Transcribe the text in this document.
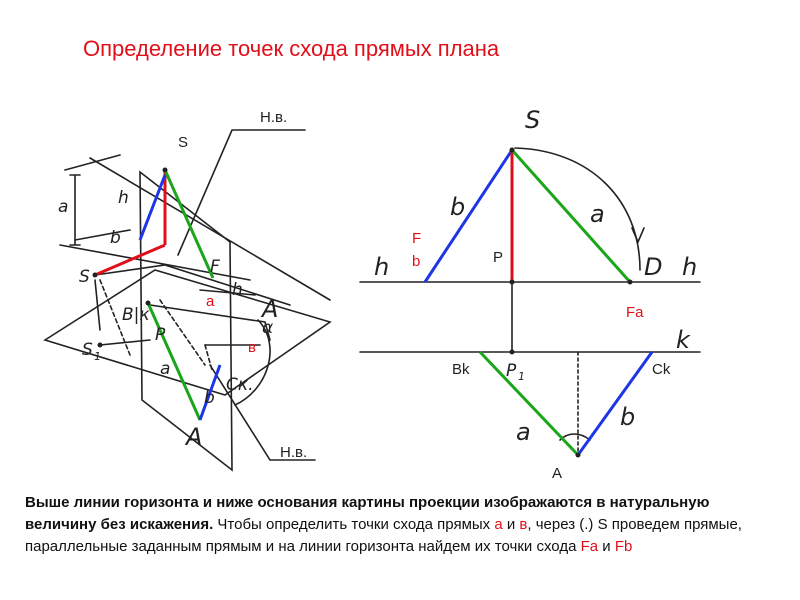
Определение точек схода прямых плана
S
Н.в.
Н.в.
a	h
S
S 1
b
B|к
P
a
F
h
A
Cк.
b
A
α
a
в
S
h	h
D
k
b	a
a
b
P 1
F
b	P
Fa
Bk	Ck
A
Выше линии горизонта и ниже основания картины проекции изображаются в натуральную величину без искажения. Чтобы определить точки схода прямых а и в, через (.) S проведем прямые, параллельные заданным прямым и на линии горизонта найдем их точки схода Fa и Fb
